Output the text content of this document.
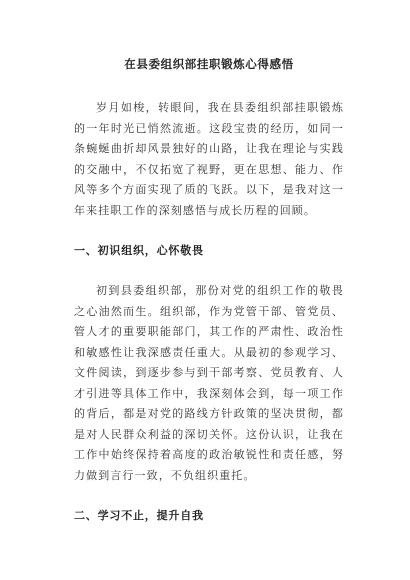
在县委组织部挂职锻炼心得感悟

岁月如梭，转眼间，我在县委组织部挂职锻炼的一年时光已悄然流逝。这段宝贵的经历，如同一条蜿蜒曲折却风景独好的山路，让我在理论与实践的交融中，不仅拓宽了视野，更在思想、能力、作风等多个方面实现了质的飞跃。以下，是我对这一年来挂职工作的深刻感悟与成长历程的回顾。

一、初识组织，心怀敬畏

初到县委组织部，那份对党的组织工作的敬畏之心油然而生。组织部，作为党管干部、管党员、管人才的重要职能部门，其工作的严肃性、政治性和敏感性让我深感责任重大。从最初的参观学习、文件阅读，到逐步参与到干部考察、党员教育、人才引进等具体工作中，我深刻体会到，每一项工作的背后，都是对党的路线方针政策的坚决贯彻，都是对人民群众利益的深切关怀。这份认识，让我在工作中始终保持着高度的政治敏锐性和责任感，努力做到言行一致，不负组织重托。

二、学习不止，提升自我
